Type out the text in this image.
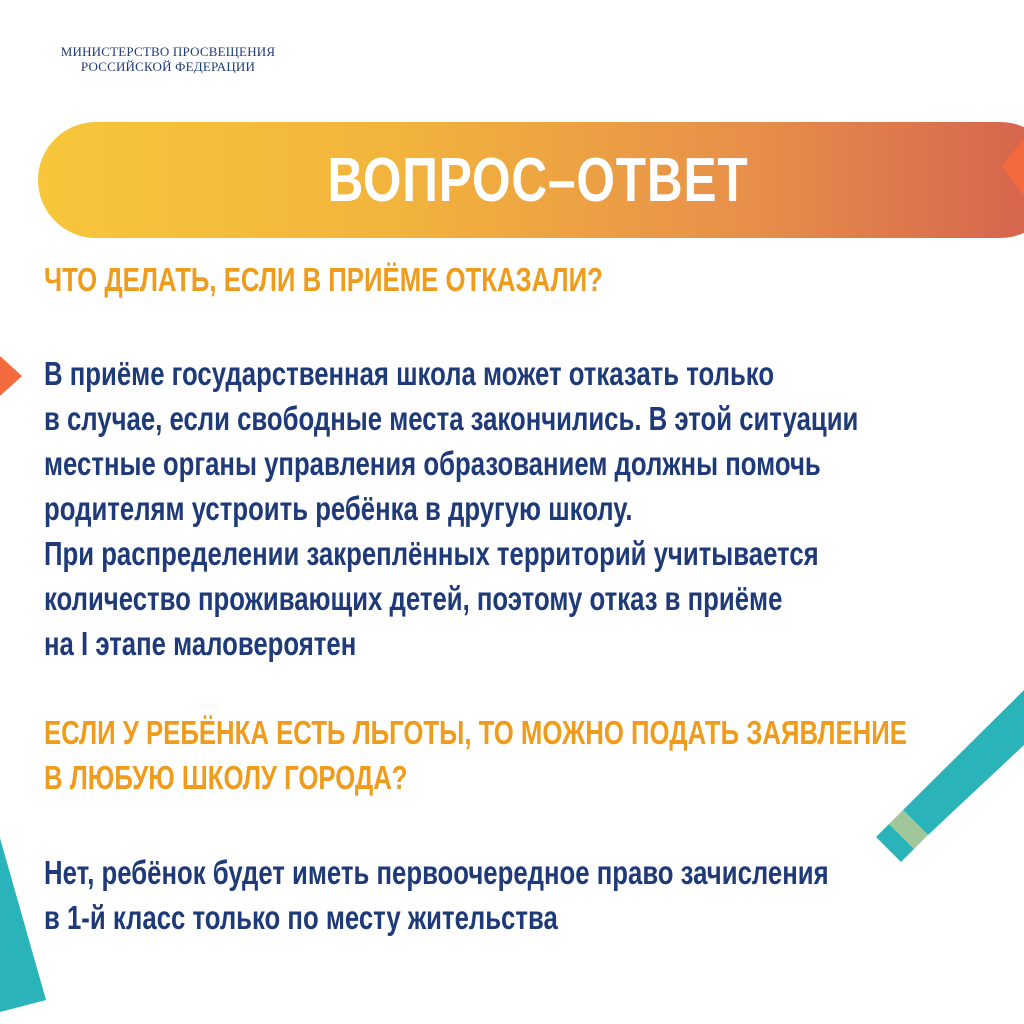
МИНИСТЕРСТВО ПРОСВЕЩЕНИЯ
РОССИЙСКОЙ ФЕДЕРАЦИИ
ВОПРОС–ОТВЕТ
ЧТО ДЕЛАТЬ, ЕСЛИ В ПРИЁМЕ ОТКАЗАЛИ?
В приёме государственная школа может отказать только
в случае, если свободные места закончились. В этой ситуации
местные органы управления образованием должны помочь
родителям устроить ребёнка в другую школу.
При распределении закреплённых территорий учитывается
количество проживающих детей, поэтому отказ в приёме
на I этапе маловероятен
ЕСЛИ У РЕБЁНКА ЕСТЬ ЛЬГОТЫ, ТО МОЖНО ПОДАТЬ ЗАЯВЛЕНИЕ
В ЛЮБУЮ ШКОЛУ ГОРОДА?
Нет, ребёнок будет иметь первоочередное право зачисления
в 1-й класс только по месту жительства
